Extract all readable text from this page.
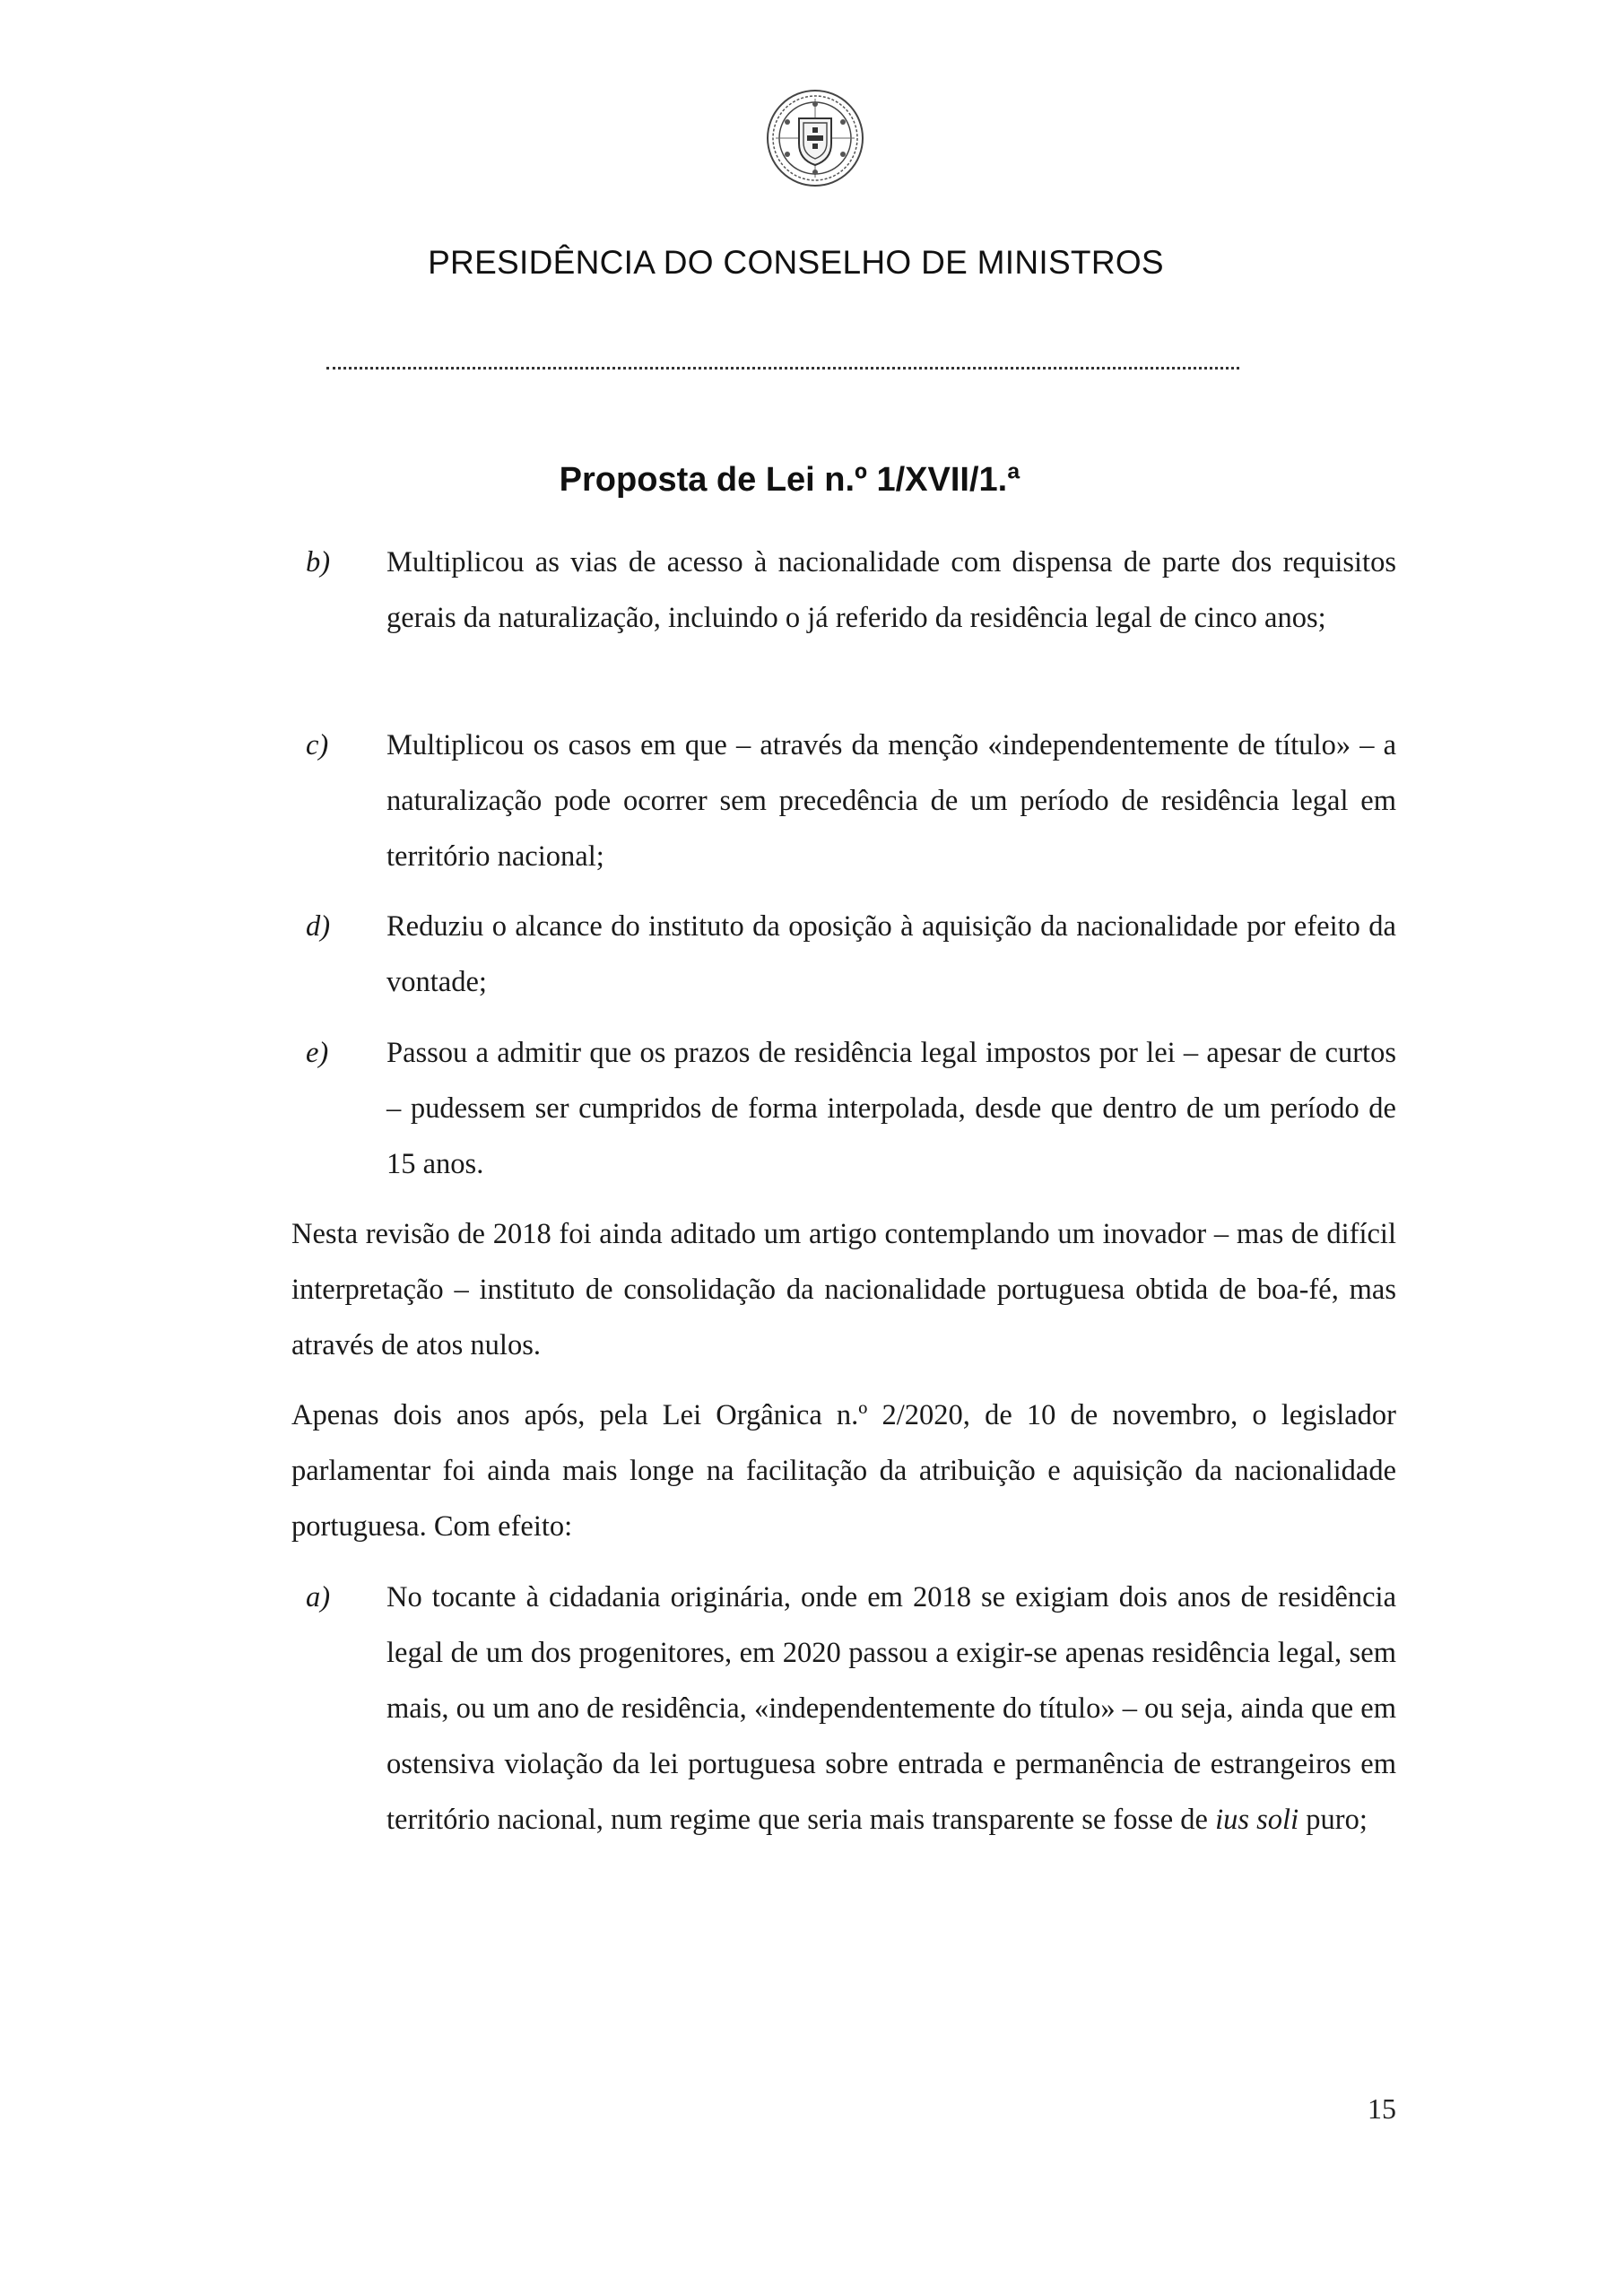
PRESIDÊNCIA DO CONSELHO DE MINISTROS
Proposta de Lei n.º 1/XVII/1.ª
b) Multiplicou as vias de acesso à nacionalidade com dispensa de parte dos requisitos gerais da naturalização, incluindo o já referido da residência legal de cinco anos;
c) Multiplicou os casos em que – através da menção «independentemente de título» – a naturalização pode ocorrer sem precedência de um período de residência legal em território nacional;
d) Reduziu o alcance do instituto da oposição à aquisição da nacionalidade por efeito da vontade;
e) Passou a admitir que os prazos de residência legal impostos por lei – apesar de curtos – pudessem ser cumpridos de forma interpolada, desde que dentro de um período de 15 anos.
Nesta revisão de 2018 foi ainda aditado um artigo contemplando um inovador – mas de difícil interpretação – instituto de consolidação da nacionalidade portuguesa obtida de boa-fé, mas através de atos nulos.
Apenas dois anos após, pela Lei Orgânica n.º 2/2020, de 10 de novembro, o legislador parlamentar foi ainda mais longe na facilitação da atribuição e aquisição da nacionalidade portuguesa. Com efeito:
a) No tocante à cidadania originária, onde em 2018 se exigiam dois anos de residência legal de um dos progenitores, em 2020 passou a exigir-se apenas residência legal, sem mais, ou um ano de residência, «independentemente do título» – ou seja, ainda que em ostensiva violação da lei portuguesa sobre entrada e permanência de estrangeiros em território nacional, num regime que seria mais transparente se fosse de ius soli puro;
15
